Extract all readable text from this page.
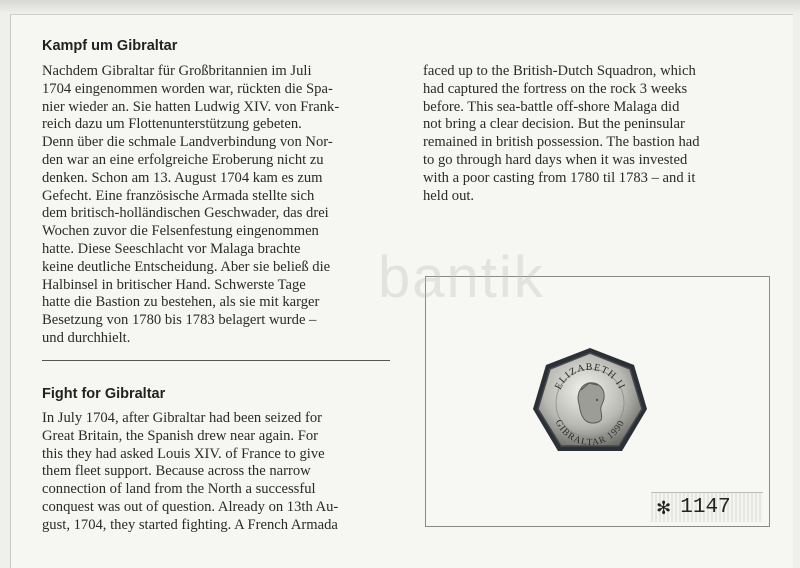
Kampf um Gibraltar
Nachdem Gibraltar für Großbritannien im Juli
1704 eingenommen worden war, rückten die Spa-
nier wieder an. Sie hatten Ludwig XIV. von Frank-
reich dazu um Flottenunterstützung gebeten.
Denn über die schmale Landverbindung von Nor-
den war an eine erfolgreiche Eroberung nicht zu
denken. Schon am 13. August 1704 kam es zum
Gefecht. Eine französische Armada stellte sich
dem britisch-holländischen Geschwader, das drei
Wochen zuvor die Felsenfestung eingenommen
hatte. Diese Seeschlacht vor Malaga brachte
keine deutliche Entscheidung. Aber sie beließ die
Halbinsel in britischer Hand. Schwerste Tage
hatte die Bastion zu bestehen, als sie mit karger
Besetzung von 1780 bis 1783 belagert wurde –
und durchhielt.
Fight for Gibraltar
In July 1704, after Gibraltar had been seized for
Great Britain, the Spanish drew near again. For
this they had asked Louis XIV. of France to give
them fleet support. Because across the narrow
connection of land from the North a successful
conquest was out of question. Already on 13th Au-
gust, 1704, they started fighting. A French Armada
faced up to the British-Dutch Squadron, which
had captured the fortress on the rock 3 weeks
before. This sea-battle off-shore Malaga did
not bring a clear decision. But the peninsular
remained in british possession. The bastion had
to go through hard days when it was invested
with a poor casting from 1780 til 1783 – and it
held out.
bantik
ELIZABETH II
GIBRALTAR 1990
✻ 1147
